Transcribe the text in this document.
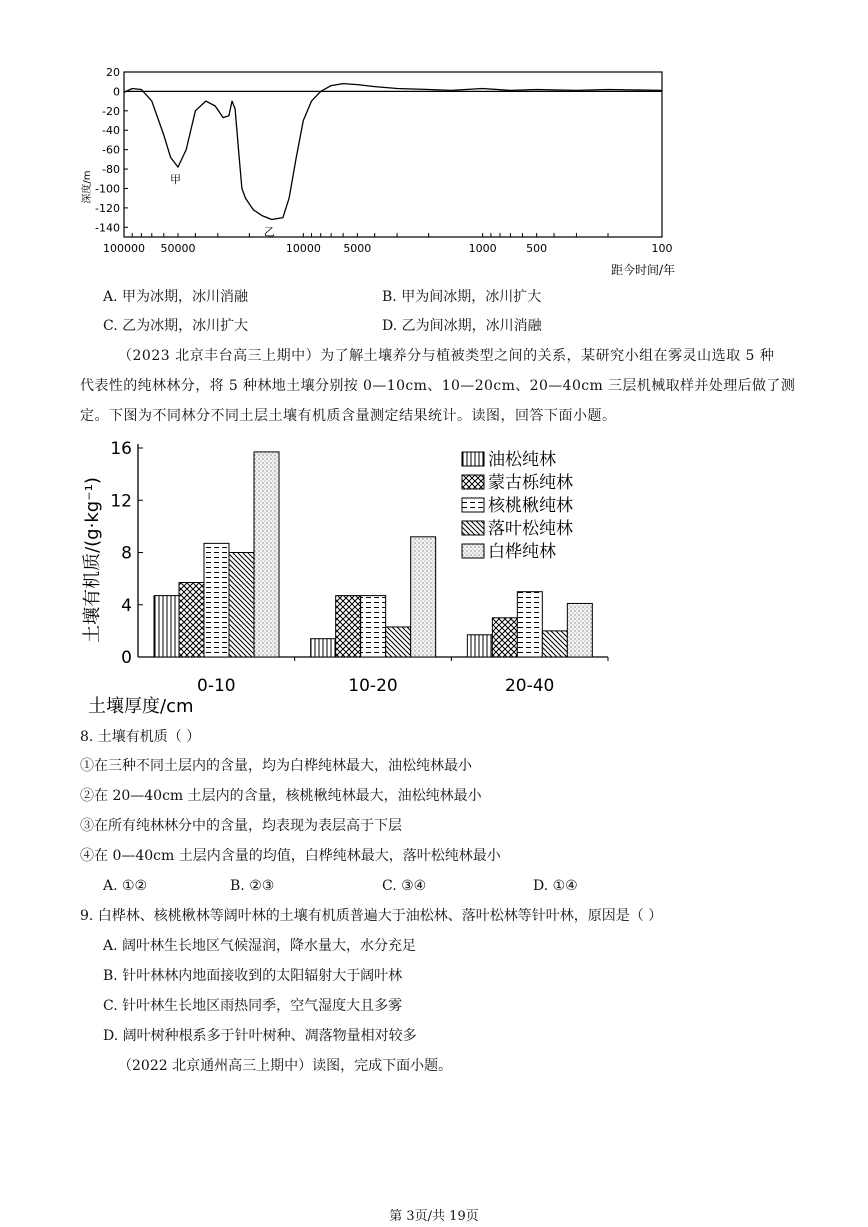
20
0
-20
-40
-60
-80
-100
-120
-140
100000 50000	10000 5000	1000	500	100
甲
乙
深度/m
距今时间/年
A. 甲为冰期，冰川消融	B. 甲为间冰期，冰川扩大
C. 乙为冰期，冰川扩大	D. 乙为间冰期，冰川消融
（2023 北京丰台高三上期中）为了解土壤养分与植被类型之间的关系，某研究小组在雾灵山选取 5 种
代表性的纯林林分，将 5 种林地土壤分别按 0—10cm、10—20cm、20—40cm 三层机械取样并处理后做了测
定。下图为不同林分不同土层土壤有机质含量测定结果统计。读图，回答下面小题。
0
4
8
12
16
0-10	10-20	20-40
油松纯林
蒙古栎纯林
核桃楸纯林
落叶松纯林
白桦纯林
土壤有机质/(g·kg⁻¹)
土壤厚度/cm
8. 土壤有机质（ ）
①在三种不同土层内的含量，均为白桦纯林最大，油松纯林最小
②在 20—40cm 土层内的含量，核桃楸纯林最大，油松纯林最小
③在所有纯林林分中的含量，均表现为表层高于下层
④在 0—40cm 土层内含量的均值，白桦纯林最大，落叶松纯林最小
A. ①②	B. ②③	C. ③④	D. ①④
9. 白桦林、核桃楸林等阔叶林的土壤有机质普遍大于油松林、落叶松林等针叶林，原因是（ ）
A. 阔叶林生长地区气候湿润，降水量大，水分充足
B. 针叶林林内地面接收到的太阳辐射大于阔叶林
C. 针叶林生长地区雨热同季，空气湿度大且多雾
D. 阔叶树种根系多于针叶树种、凋落物量相对较多
（2022 北京通州高三上期中）读图，完成下面小题。
第 3页/共 19页
